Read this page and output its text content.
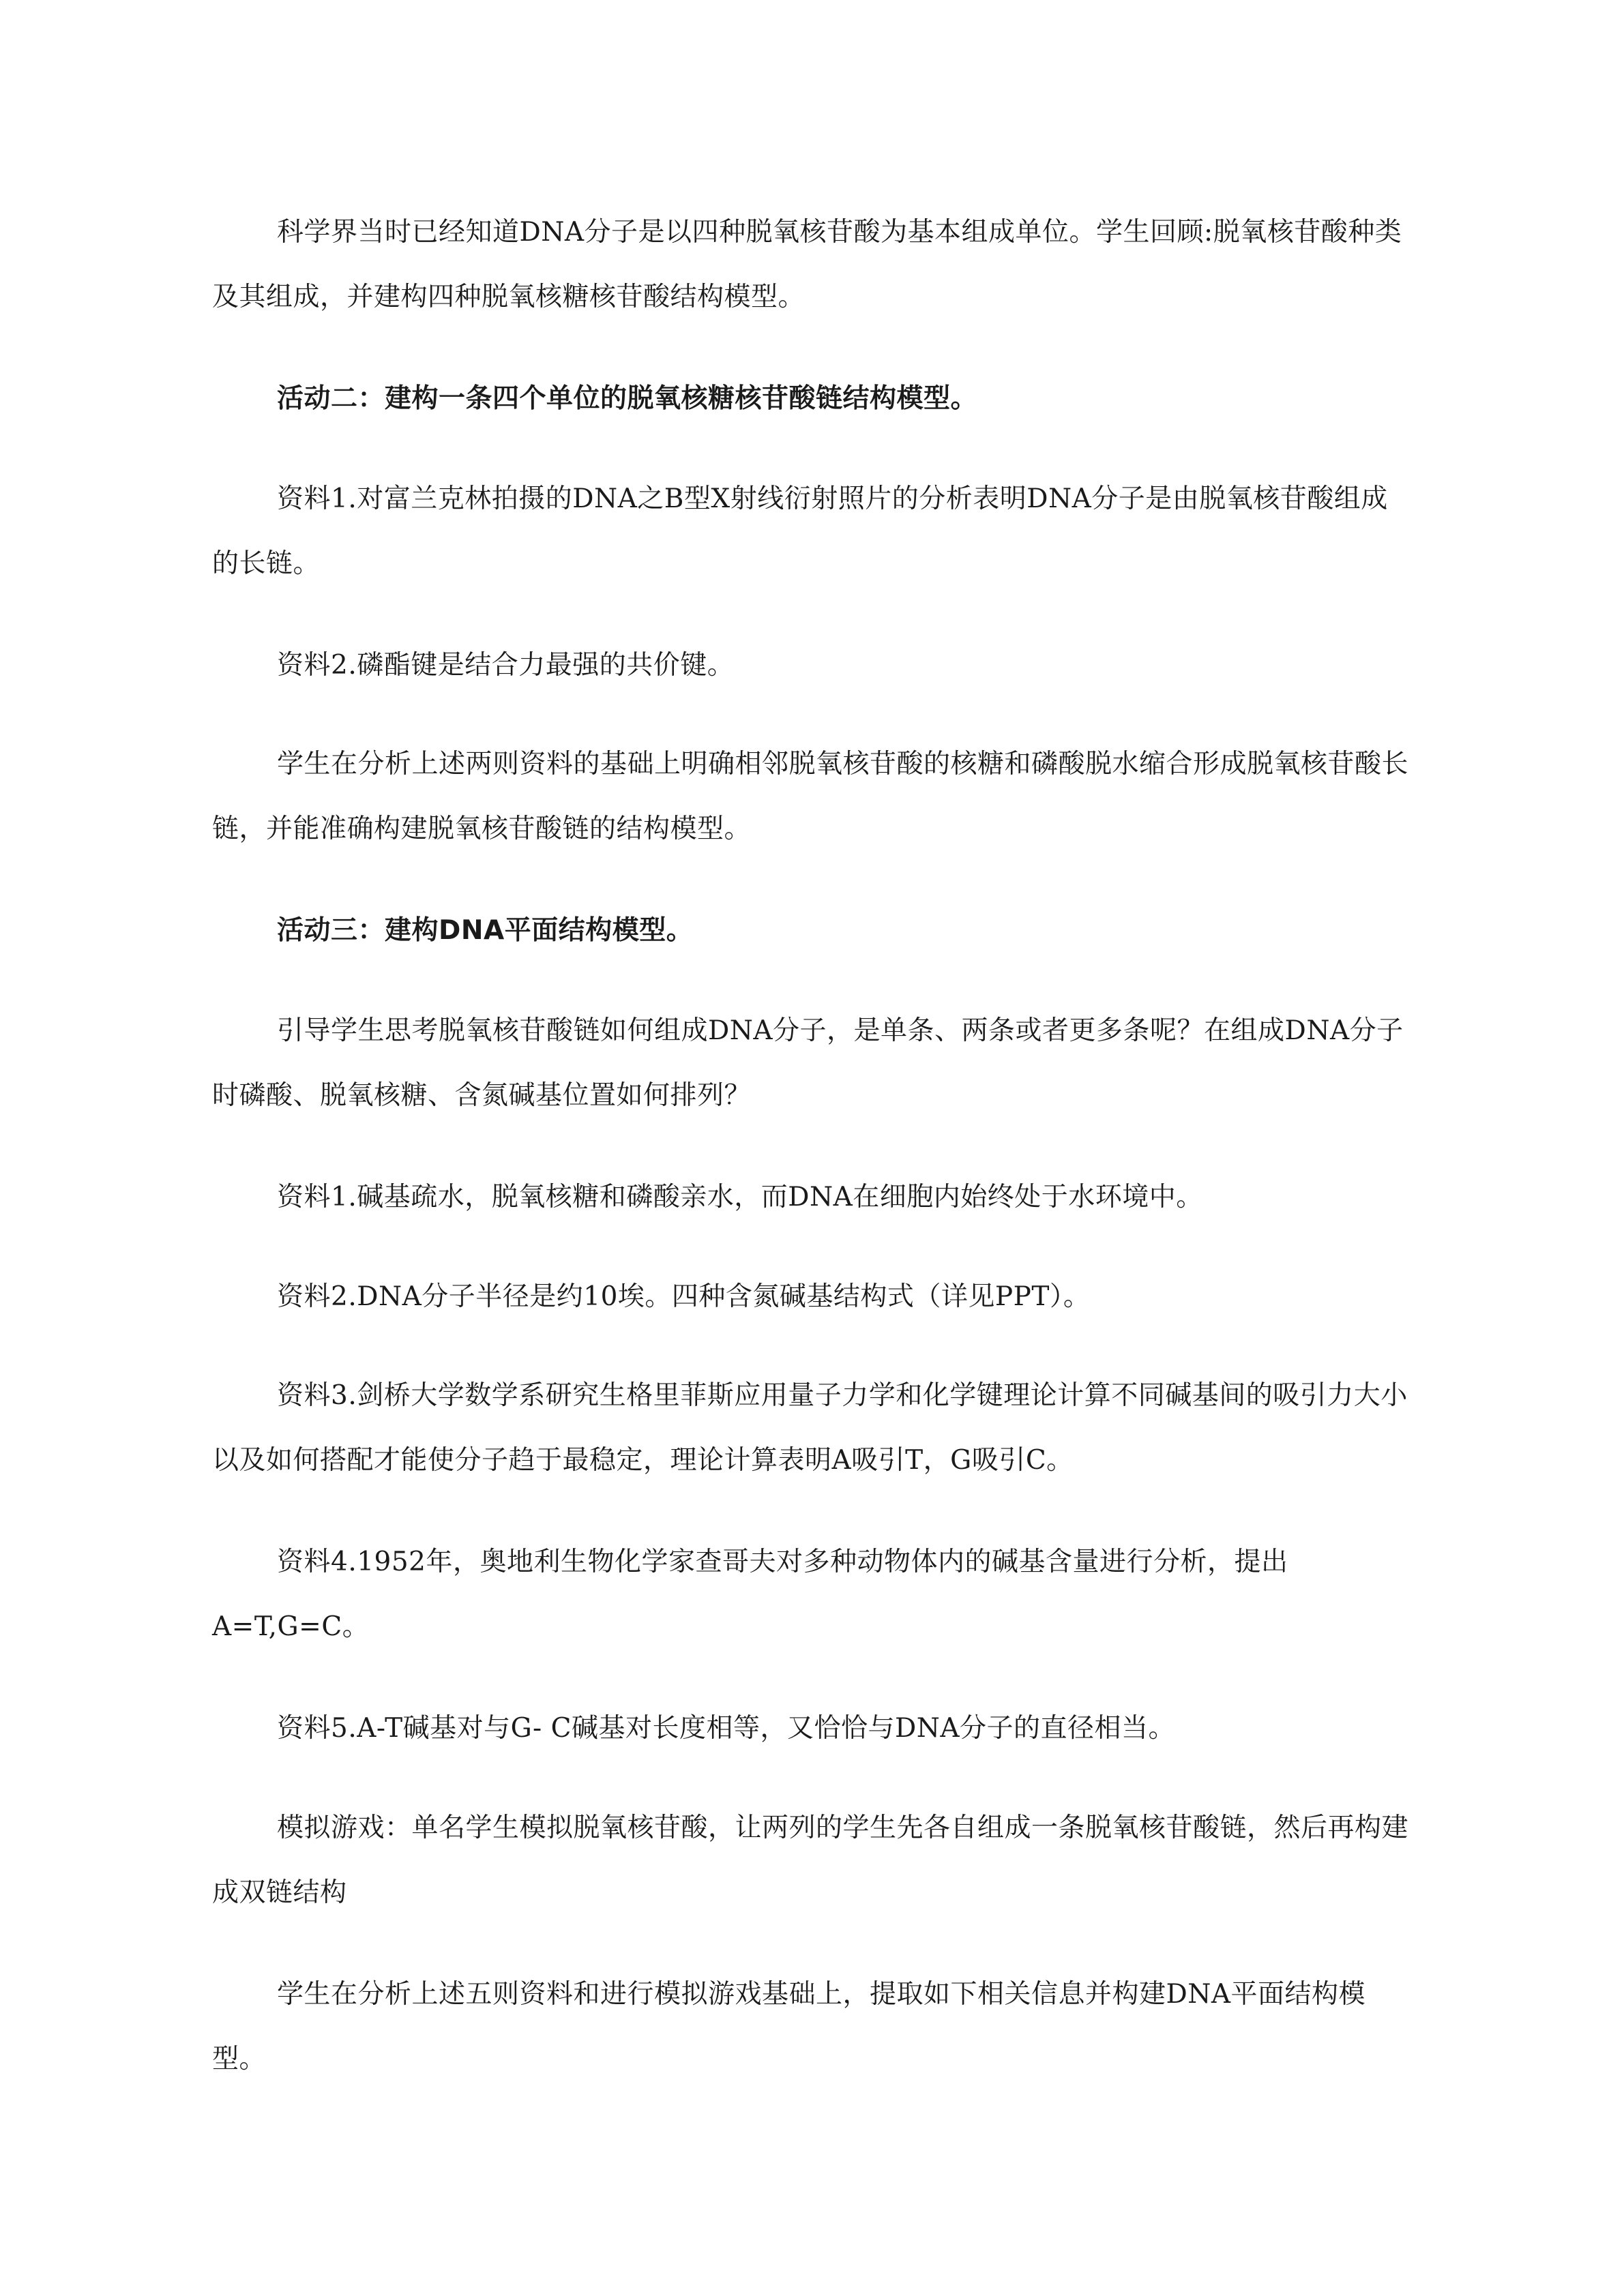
科学界当时已经知道DNA分子是以四种脱氧核苷酸为基本组成单位。学生回顾:脱氧核苷酸种类及其组成，并建构四种脱氧核糖核苷酸结构模型。

活动二：建构一条四个单位的脱氧核糖核苷酸链结构模型。

资料1.对富兰克林拍摄的DNA之B型X射线衍射照片的分析表明DNA分子是由脱氧核苷酸组成的长链。

资料2.磷酯键是结合力最强的共价键。

学生在分析上述两则资料的基础上明确相邻脱氧核苷酸的核糖和磷酸脱水缩合形成脱氧核苷酸长链，并能准确构建脱氧核苷酸链的结构模型。

活动三：建构DNA平面结构模型。

引导学生思考脱氧核苷酸链如何组成DNA分子，是单条、两条或者更多条呢？在组成DNA分子时磷酸、脱氧核糖、含氮碱基位置如何排列？

资料1.碱基疏水，脱氧核糖和磷酸亲水，而DNA在细胞内始终处于水环境中。

资料2.DNA分子半径是约10埃。四种含氮碱基结构式（详见PPT）。

资料3.剑桥大学数学系研究生格里菲斯应用量子力学和化学键理论计算不同碱基间的吸引力大小以及如何搭配才能使分子趋于最稳定，理论计算表明A吸引T，G吸引C。

资料4.1952年，奥地利生物化学家查哥夫对多种动物体内的碱基含量进行分析，提出A=T,G=C。

资料5.A-T碱基对与G- C碱基对长度相等，又恰恰与DNA分子的直径相当。

模拟游戏：单名学生模拟脱氧核苷酸，让两列的学生先各自组成一条脱氧核苷酸链，然后再构建成双链结构

学生在分析上述五则资料和进行模拟游戏基础上，提取如下相关信息并构建DNA平面结构模型。
